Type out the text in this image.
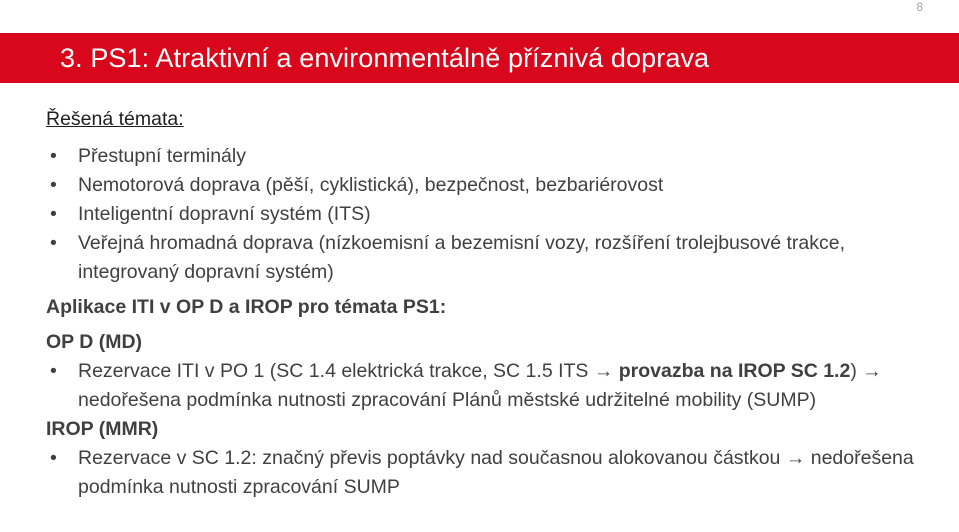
8
3. PS1: Atraktivní a environmentálně příznivá doprava

Řešená témata:

• Přestupní terminály
• Nemotorová doprava (pěší, cyklistická), bezpečnost, bezbariérovost
• Inteligentní dopravní systém (ITS)
• Veřejná hromadná doprava (nízkoemisní a bezemisní vozy, rozšíření trolejbusové trakce, integrovaný dopravní systém)

Aplikace ITI v OP D a IROP pro témata PS1:

OP D (MD)

• Rezervace ITI v PO 1 (SC 1.4 elektrická trakce, SC 1.5 ITS → provazba na IROP SC 1.2) → nedořešena podmínka nutnosti zpracování Plánů městské udržitelné mobility (SUMP)

IROP (MMR)

• Rezervace v SC 1.2: značný převis poptávky nad současnou alokovanou částkou → nedořešena podmínka nutnosti zpracování SUMP
